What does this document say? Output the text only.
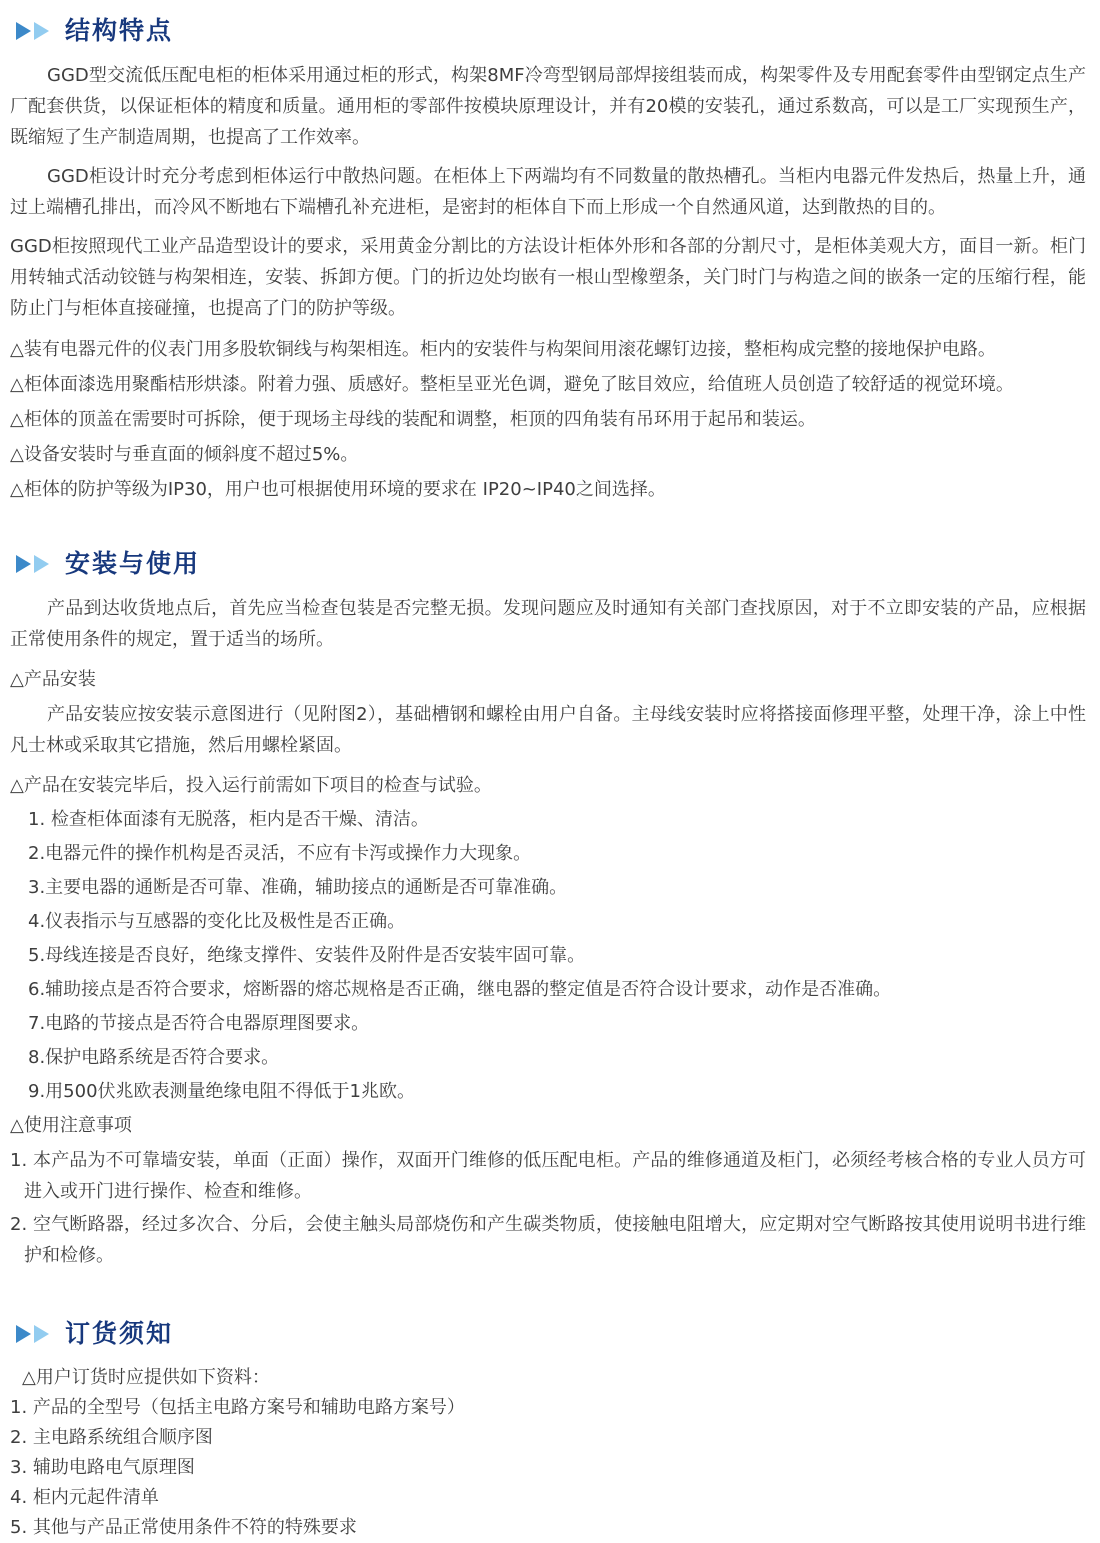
结构特点

GGD型交流低压配电柜的柜体采用通过柜的形式，构架8MF冷弯型钢局部焊接组装而成，构架零件及专用配套零件由型钢定点生产厂配套供货，以保证柜体的精度和质量。通用柜的零部件按模块原理设计，并有20模的安装孔，通过系数高，可以是工厂实现预生产，既缩短了生产制造周期，也提高了工作效率。

GGD柜设计时充分考虑到柜体运行中散热问题。在柜体上下两端均有不同数量的散热槽孔。当柜内电器元件发热后，热量上升，通过上端槽孔排出，而冷风不断地右下端槽孔补充进柜，是密封的柜体自下而上形成一个自然通风道，达到散热的目的。

GGD柜按照现代工业产品造型设计的要求，采用黄金分割比的方法设计柜体外形和各部的分割尺寸，是柜体美观大方，面目一新。柜门用转轴式活动铰链与构架相连，安装、拆卸方便。门的折边处均嵌有一根山型橡塑条，关门时门与构造之间的嵌条一定的压缩行程，能防止门与柜体直接碰撞，也提高了门的防护等级。

△装有电器元件的仪表门用多股软铜线与构架相连。柜内的安装件与构架间用滚花螺钉边接，整柜构成完整的接地保护电路。

△柜体面漆选用聚酯桔形烘漆。附着力强、质感好。整柜呈亚光色调，避免了眩目效应，给值班人员创造了较舒适的视觉环境。

△柜体的顶盖在需要时可拆除，便于现场主母线的装配和调整，柜顶的四角装有吊环用于起吊和装运。

△设备安装时与垂直面的倾斜度不超过5%。

△柜体的防护等级为IP30，用户也可根据使用环境的要求在 IP20~IP40之间选择。

安装与使用

产品到达收货地点后，首先应当检查包装是否完整无损。发现问题应及时通知有关部门查找原因，对于不立即安装的产品，应根据正常使用条件的规定，置于适当的场所。

△产品安装

产品安装应按安装示意图进行（见附图2），基础槽钢和螺栓由用户自备。主母线安装时应将搭接面修理平整，处理干净，涂上中性凡士林或采取其它措施，然后用螺栓紧固。

△产品在安装完毕后，投入运行前需如下项目的检查与试验。

1. 检查柜体面漆有无脱落，柜内是否干燥、清洁。

2.电器元件的操作机构是否灵活，不应有卡泻或操作力大现象。

3.主要电器的通断是否可靠、准确，辅助接点的通断是否可靠准确。

4.仪表指示与互感器的变化比及极性是否正确。

5.母线连接是否良好，绝缘支撑件、安装件及附件是否安装牢固可靠。

6.辅助接点是否符合要求，熔断器的熔芯规格是否正确，继电器的整定值是否符合设计要求，动作是否准确。

7.电路的节接点是否符合电器原理图要求。

8.保护电路系统是否符合要求。

9.用500伏兆欧表测量绝缘电阻不得低于1兆欧。

△使用注意事项

1. 本产品为不可靠墙安装，单面（正面）操作，双面开门维修的低压配电柜。产品的维修通道及柜门，必须经考核合格的专业人员方可进入或开门进行操作、检查和维修。

2. 空气断路器，经过多次合、分后，会使主触头局部烧伤和产生碳类物质，使接触电阻增大，应定期对空气断路按其使用说明书进行维护和检修。

订货须知

△用户订货时应提供如下资料：

1. 产品的全型号（包括主电路方案号和辅助电路方案号）

2. 主电路系统组合顺序图

3. 辅助电路电气原理图

4. 柜内元起件清单

5. 其他与产品正常使用条件不符的特殊要求
